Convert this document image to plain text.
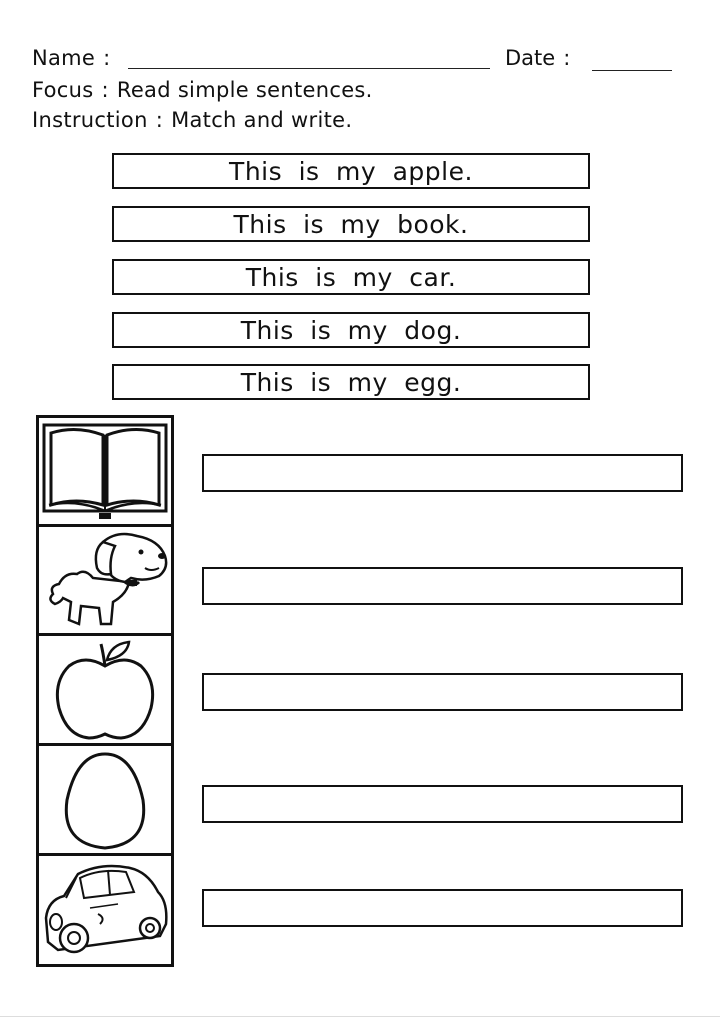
Name :	Date :
Focus : Read simple sentences.
Instruction : Match and write.
This is my apple.
This is my book.
This is my car.
This is my dog.
This is my egg.
